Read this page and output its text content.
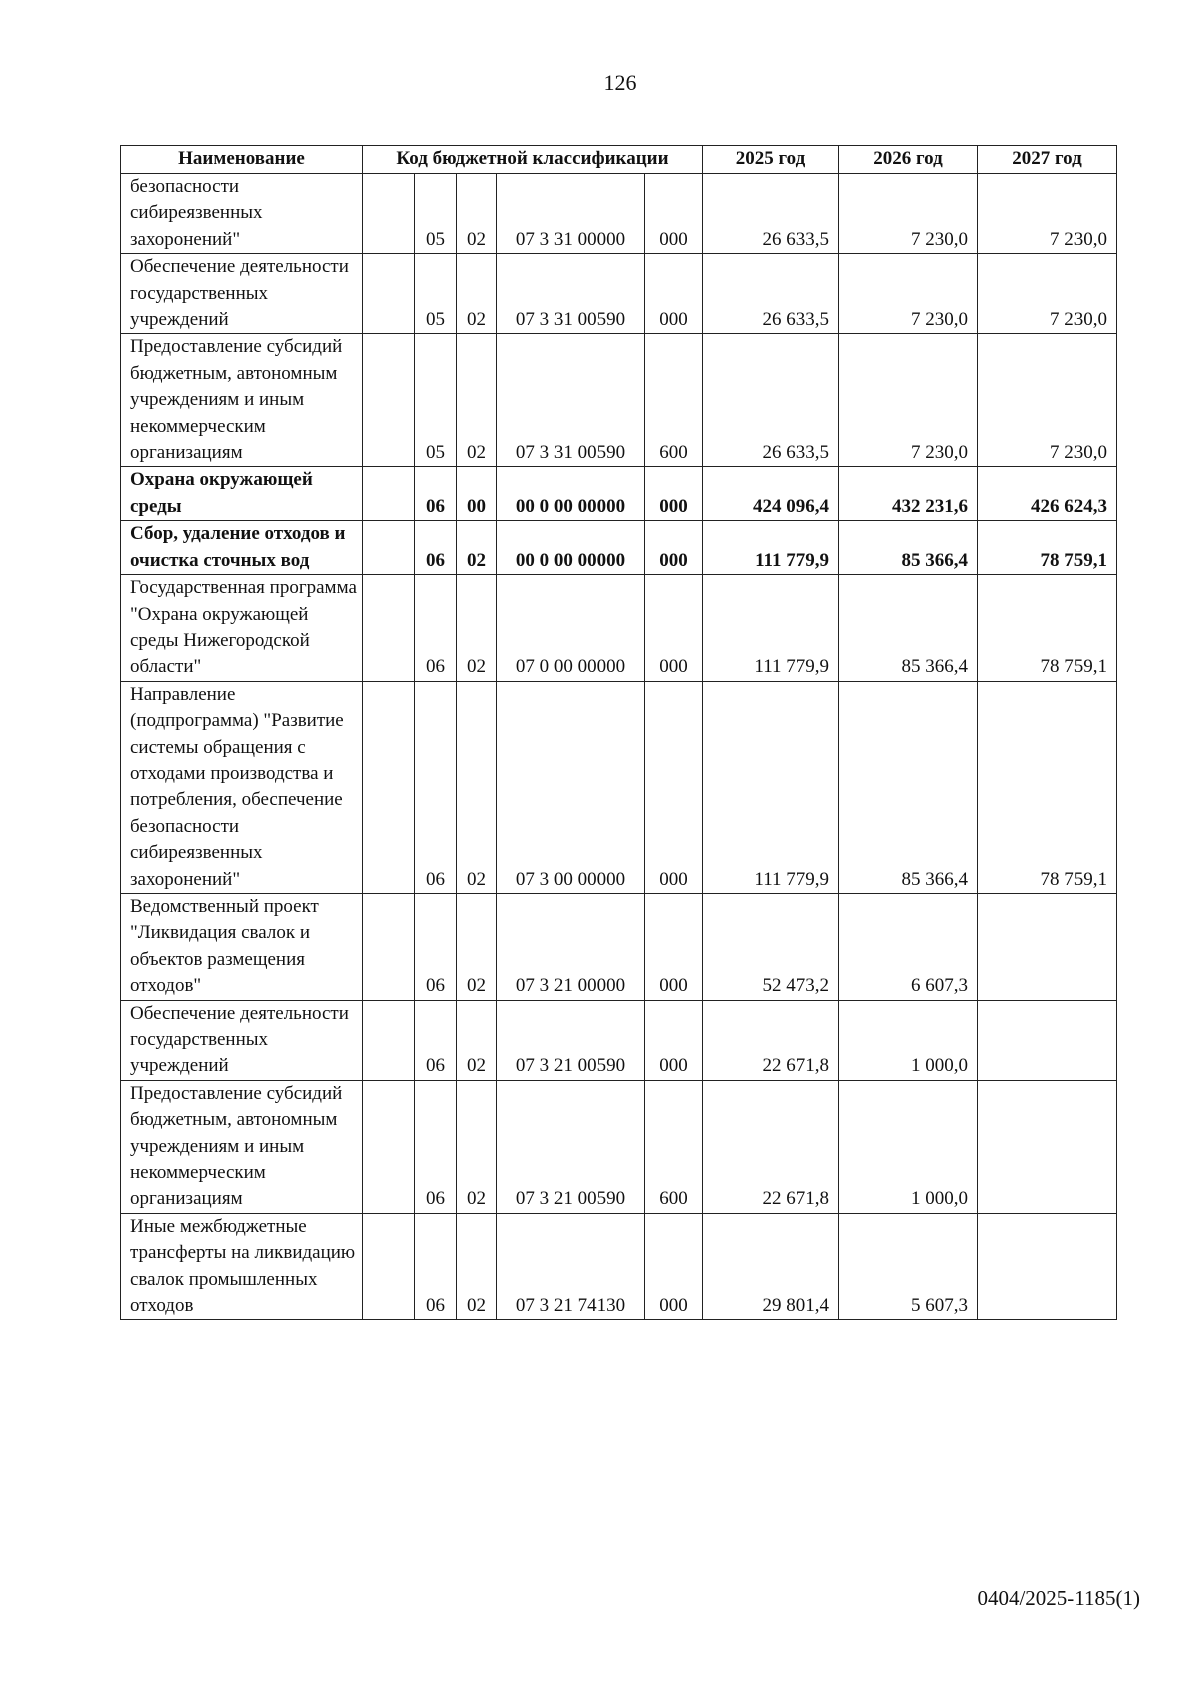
126
Наименование	Код бюджетной классификации					2025 год	2026 год	2027 год
безопасности сибиреязвенных захоронений"		05	02	07 3 31 00000	000	26 633,5	7 230,0	7 230,0
Обеспечение деятельности государственных учреждений		05	02	07 3 31 00590	000	26 633,5	7 230,0	7 230,0
Предоставление субсидий бюджетным, автономным учреждениям и иным некоммерческим организациям		05	02	07 3 31 00590	600	26 633,5	7 230,0	7 230,0
Охрана окружающей среды		06	00	00 0 00 00000	000	424 096,4	432 231,6	426 624,3
Сбор, удаление отходов и очистка сточных вод		06	02	00 0 00 00000	000	111 779,9	85 366,4	78 759,1
Государственная программа "Охрана окружающей среды Нижегородской области"		06	02	07 0 00 00000	000	111 779,9	85 366,4	78 759,1
Направление (подпрограмма) "Развитие системы обращения с отходами производства и потребления, обеспечение безопасности сибиреязвенных захоронений"		06	02	07 3 00 00000	000	111 779,9	85 366,4	78 759,1
Ведомственный проект "Ликвидация свалок и объектов размещения отходов"		06	02	07 3 21 00000	000	52 473,2	6 607,3	
Обеспечение деятельности государственных учреждений		06	02	07 3 21 00590	000	22 671,8	1 000,0	
Предоставление субсидий бюджетным, автономным учреждениям и иным некоммерческим организациям		06	02	07 3 21 00590	600	22 671,8	1 000,0	
Иные межбюджетные трансферты на ликвидацию свалок промышленных отходов		06	02	07 3 21 74130	000	29 801,4	5 607,3	
0404/2025-1185(1)
